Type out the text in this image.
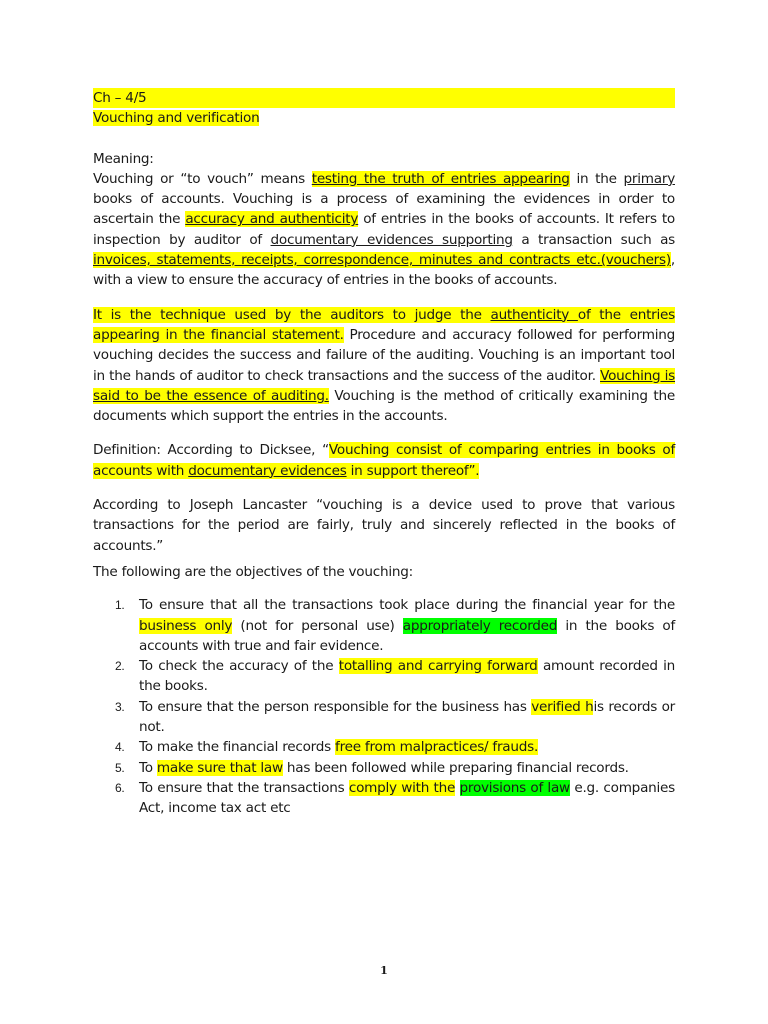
Ch – 4/5

Vouching and verification

Meaning:

Vouching or “to vouch” means testing the truth of entries appearing in the primary books of accounts. Vouching is a process of examining the evidences in order to ascertain the accuracy and authenticity of entries in the books of accounts. It refers to inspection by auditor of documentary evidences supporting a transaction such as invoices, statements, receipts, correspondence, minutes and contracts etc.(vouchers), with a view to ensure the accuracy of entries in the books of accounts.

It is the technique used by the auditors to judge the authenticity of the entries appearing in the financial statement. Procedure and accuracy followed for performing vouching decides the success and failure of the auditing. Vouching is an important tool in the hands of auditor to check transactions and the success of the auditor. Vouching is said to be the essence of auditing. Vouching is the method of critically examining the documents which support the entries in the accounts.

Definition: According to Dicksee, “Vouching consist of comparing entries in books of accounts with documentary evidences in support thereof”.

According to Joseph Lancaster “vouching is a device used to prove that various transactions for the period are fairly, truly and sincerely reflected in the books of accounts.”

The following are the objectives of the vouching:

1. To ensure that all the transactions took place during the financial year for the business only (not for personal use) appropriately recorded in the books of accounts with true and fair evidence.
2. To check the accuracy of the totalling and carrying forward amount recorded in the books.
3. To ensure that the person responsible for the business has verified his records or not.
4. To make the financial records free from malpractices/ frauds.
5. To make sure that law has been followed while preparing financial records.
6. To ensure that the transactions comply with the provisions of law e.g. companies Act, income tax act etc
1
